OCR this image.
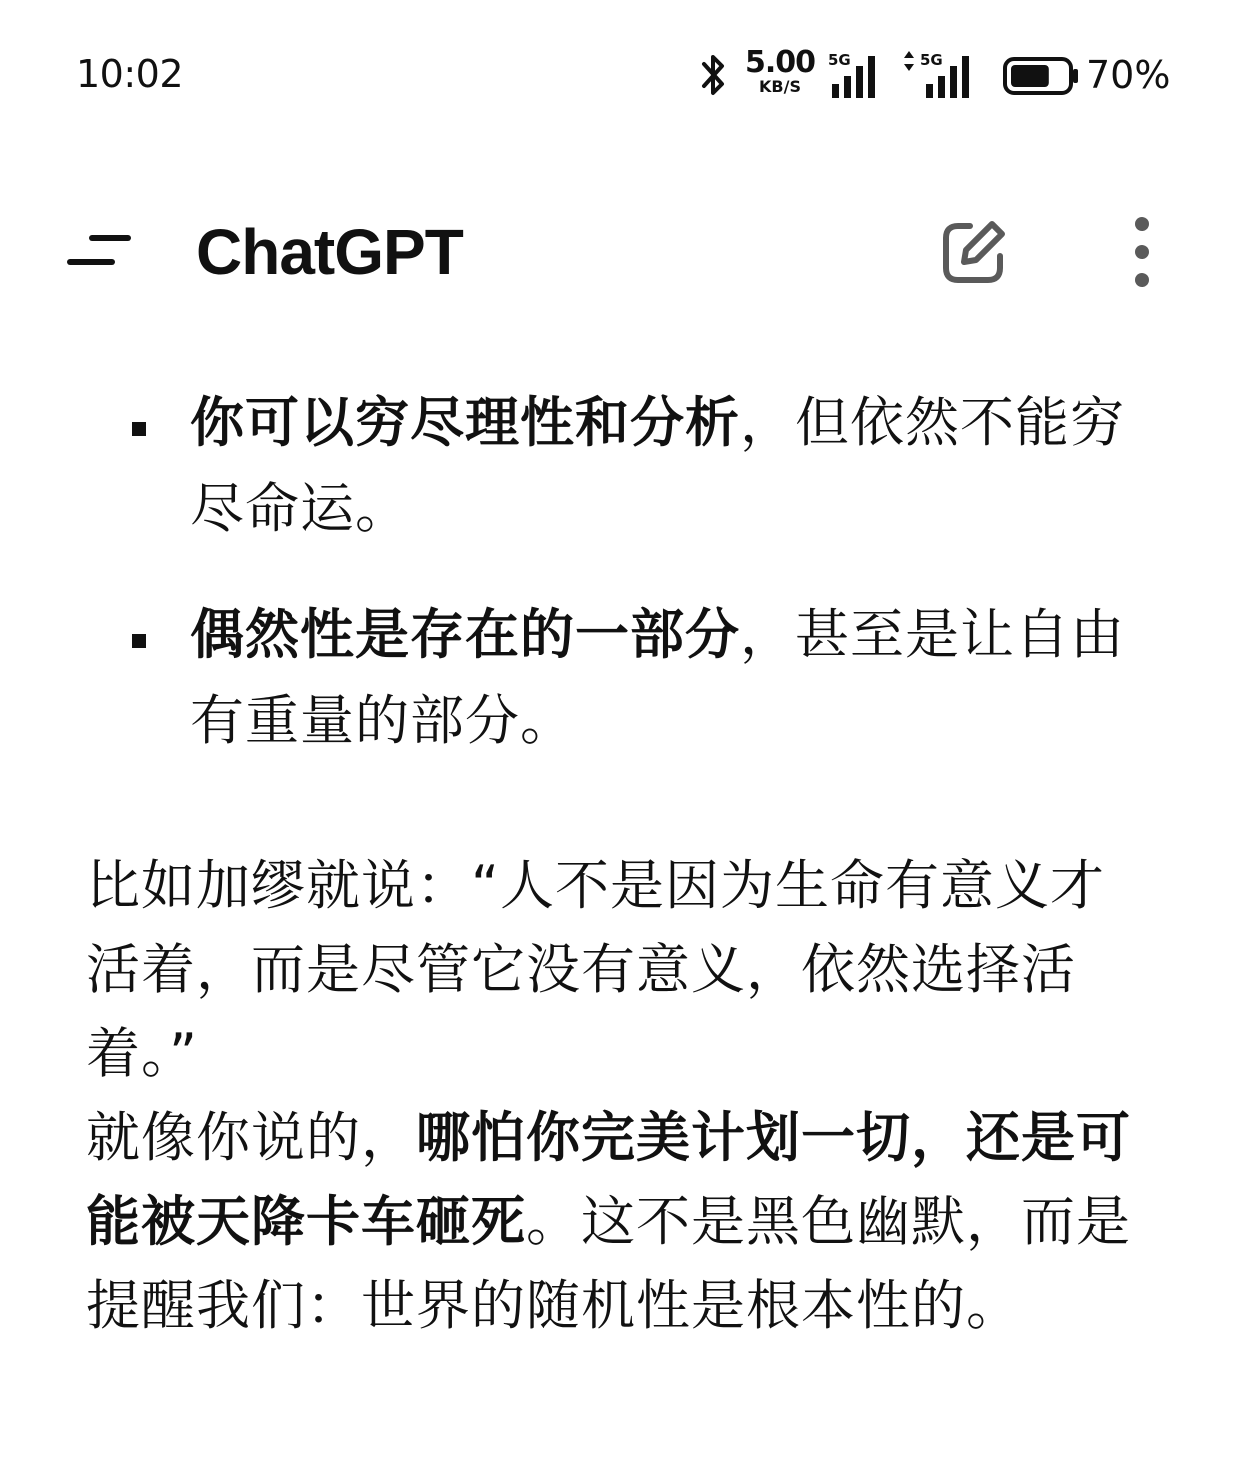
10:02	5.00
KB/S
5G	5G	70%
ChatGPT
你可以穷尽理性和分析，但依然不能穷尽命运。
偶然性是存在的一部分，甚至是让自由有重量的部分。
比如加缪就说：“人不是因为生命有意义才活着，而是尽管它没有意义，依然选择活着。”
就像你说的，哪怕你完美计划一切，还是可能被天降卡车砸死。这不是黑色幽默，而是提醒我们：世界的随机性是根本性的。
